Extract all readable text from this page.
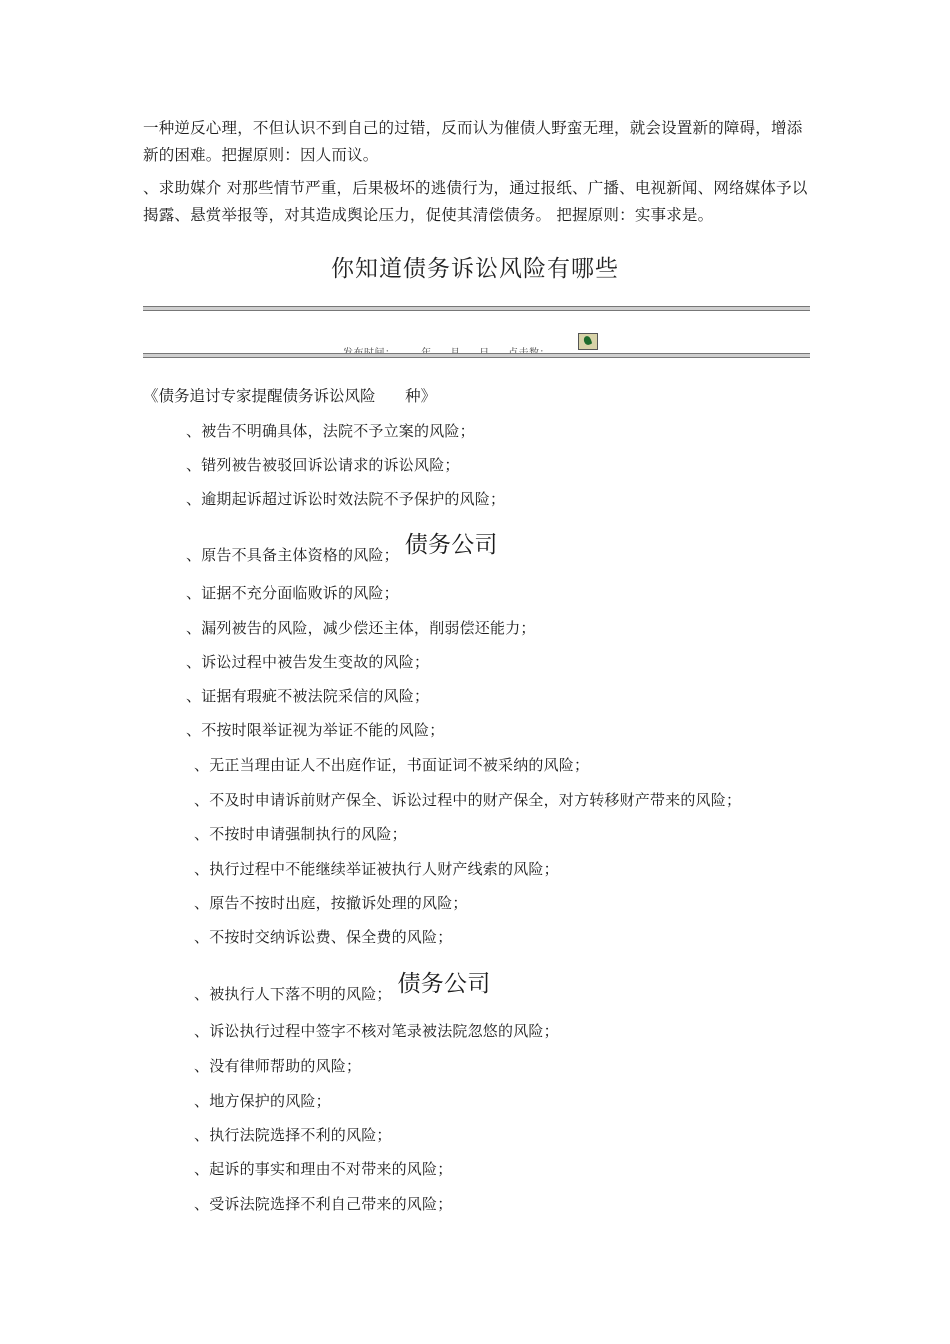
一种逆反心理，不但认识不到自己的过错，反而认为催债人野蛮无理，就会设置新的障碍，增添新的困难。把握原则：因人而议。
、求助媒介 对那些情节严重，后果极坏的逃债行为，通过报纸、广播、电视新闻、网络媒体予以揭露、悬赏举报等，对其造成舆论压力，促使其清偿债务。 把握原则：实事求是。
你知道债务诉讼风险有哪些

《债务追讨专家提醒债务诉讼风险      种》
、被告不明确具体，法院不予立案的风险；
、错列被告被驳回诉讼请求的诉讼风险；
、逾期起诉超过诉讼时效法院不予保护的风险；
、原告不具备主体资格的风险； 债务公司
、证据不充分面临败诉的风险；
、漏列被告的风险，减少偿还主体，削弱偿还能力；
、诉讼过程中被告发生变故的风险；
、证据有瑕疵不被法院采信的风险；
、不按时限举证视为举证不能的风险；
、无正当理由证人不出庭作证，书面证词不被采纳的风险；
、不及时申请诉前财产保全、诉讼过程中的财产保全，对方转移财产带来的风险；
、不按时申请强制执行的风险；
、执行过程中不能继续举证被执行人财产线索的风险；
、原告不按时出庭，按撤诉处理的风险；
、不按时交纳诉讼费、保全费的风险；
、被执行人下落不明的风险； 债务公司
、诉讼执行过程中签字不核对笔录被法院忽悠的风险；
、没有律师帮助的风险；
、地方保护的风险；
、执行法院选择不利的风险；
、起诉的事实和理由不对带来的风险；
、受诉法院选择不利自己带来的风险；
